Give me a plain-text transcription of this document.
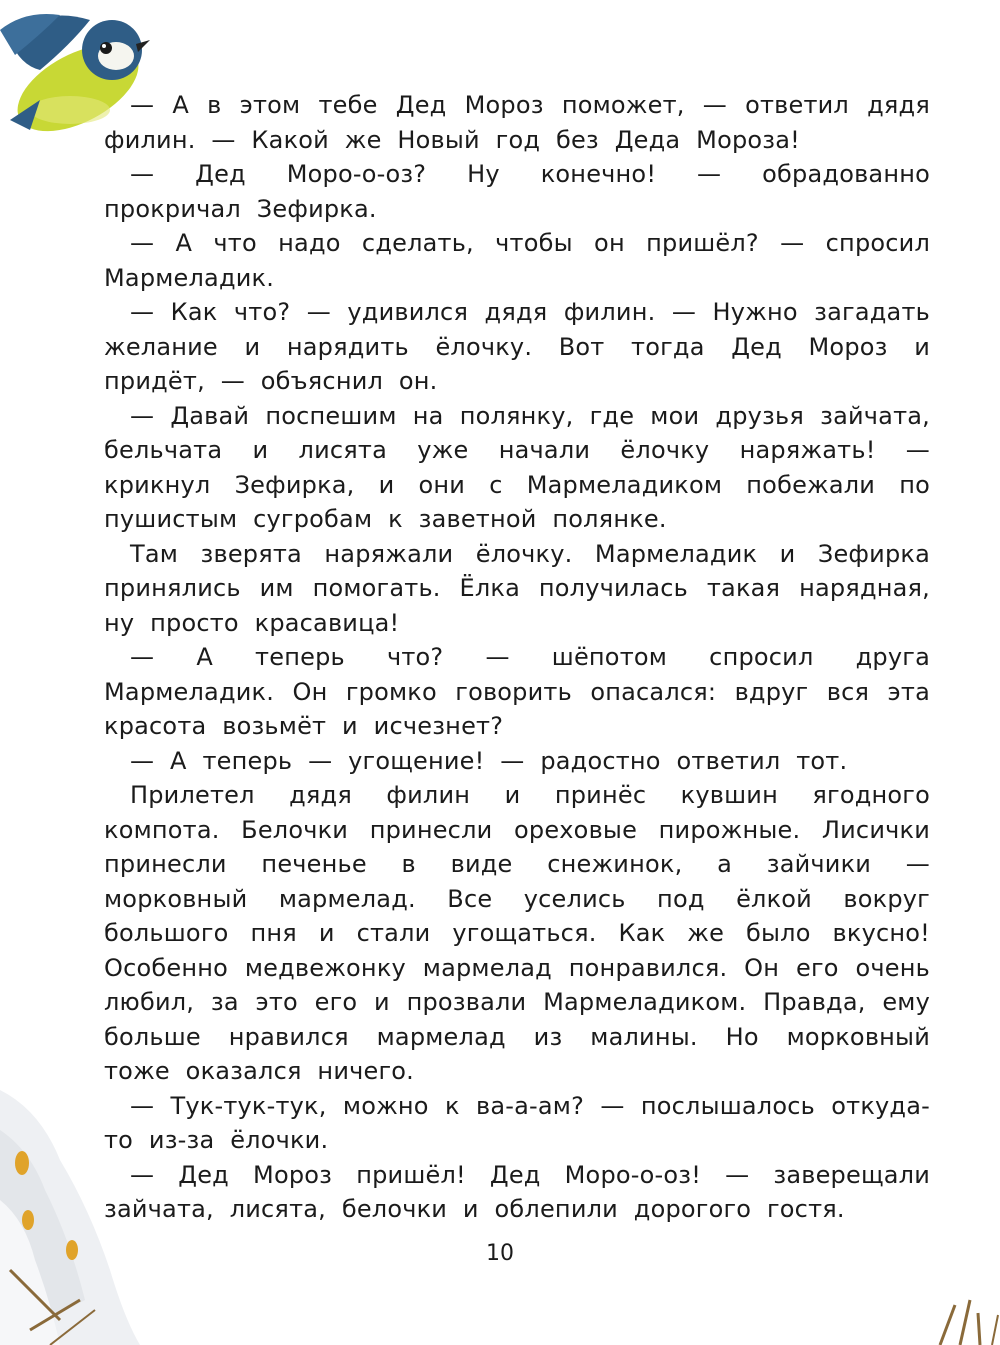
— А в этом тебе Дед Мороз поможет, — ответил дядя филин. — Какой же Новый год без Деда Мороза!

— Дед Моро-о-оз? Ну конечно! — обрадованно прокричал Зефирка.

— А что надо сделать, чтобы он пришёл? — спросил Мармеладик.

— Как что? — удивился дядя филин. — Нужно загадать желание и нарядить ёлочку. Вот тогда Дед Мороз и придёт, — объяснил он.

— Давай поспешим на полянку, где мои друзья зайчата, бельчата и лисята уже начали ёлочку наряжать! — крикнул Зефирка, и они с Мармеладиком побежали по пушистым сугробам к заветной полянке.

Там зверята наряжали ёлочку. Мармеладик и Зефирка принялись им помогать. Ёлка получилась такая нарядная, ну просто красавица!

— А теперь что? — шёпотом спросил друга Мармеладик. Он громко говорить опасался: вдруг вся эта красота возьмёт и исчезнет?

— А теперь — угощение! — радостно ответил тот.

Прилетел дядя филин и принёс кувшин ягодного компота. Белочки принесли ореховые пирожные. Лисички принесли печенье в виде снежинок, а зайчики — морковный мармелад. Все уселись под ёлкой вокруг большого пня и стали угощаться. Как же было вкусно! Особенно медвежонку мармелад понравился. Он его очень любил, за это его и прозвали Мармеладиком. Правда, ему больше нравился мармелад из малины. Но морковный тоже оказался ничего.

— Тук-тук-тук, можно к ва-а-ам? — послышалось откуда-то из-за ёлочки.

— Дед Мороз пришёл! Дед Моро-о-оз! — заверещали зайчата, лисята, белочки и облепили дорогого гостя.

10
